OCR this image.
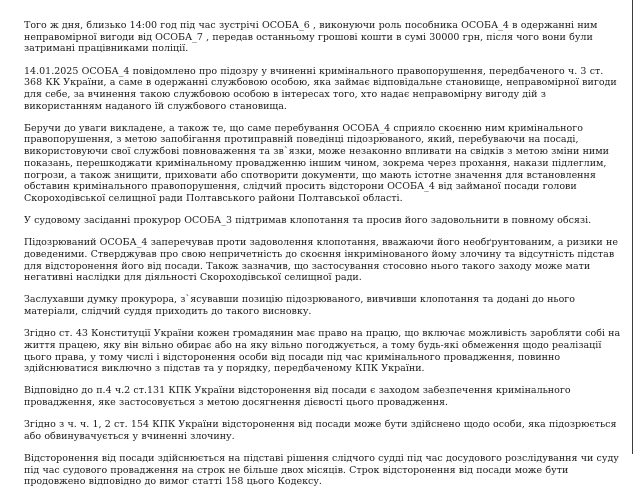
Того ж дня, близько 14:00 год під час зустрічі ОСОБА_6 , виконуючи роль пособника ОСОБА_4 в одержанні ним неправомірної вигоди від ОСОБА_7 , передав останньому грошові кошти в сумі 30000 грн, після чого вони були затримані працівниками поліції.

14.01.2025 ОСОБА_4 повідомлено про підозру у вчиненні кримінального правопорушення, передбаченого ч. 3 ст. 368 КК України, а саме в одержанні службовою особою, яка займає відповідальне становище, неправомірної вигоди для себе, за вчинення такою службовою особою в інтересах того, хто надає неправомірну вигоду дій з використанням наданого їй службового становища.

Беручи до уваги викладене, а також те, що саме перебування ОСОБА_4 сприяло скоєнню ним кримінального правопорушення, з метою запобігання протиправній поведінці підозрюваного, який, перебуваючи на посаді, використовуючи свої службові повноваження та зв`язки, може незаконно впливати на свідків з метою зміни ними показань, перешкоджати кримінальному провадженню іншим чином, зокрема через прохання, накази підлеглим, погрози, а також знищити, приховати або спотворити документи, що мають істотне значення для встановлення обставин кримінального правопорушення, слідчий просить відсторони ОСОБА_4 від займаної посади голови Скороходівської селищної ради Полтавського райони Полтавської області.

У судовому засіданні прокурор ОСОБА_3 підтримав клопотання та просив його задовольнити в повному обсязі.

Підозрюваний ОСОБА_4 заперечував проти задоволення клопотання, вважаючи його необґрунтованим, а ризики не доведеними. Стверджував про свою непричетність до скоєння інкримінованого йому злочину та відсутність підстав для відсторонення його від посади. Також зазначив, що застосування стосовно нього такого заходу може мати негативні наслідки для діяльності Скороходівської селищної ради.

Заслухавши думку прокурора, з`ясувавши позицію підозрюваного, вивчивши клопотання та додані до нього матеріали, слідчий суддя приходить до такого висновку.

Згідно ст. 43 Конституції України кожен громадянин має право на працю, що включає можливість заробляти собі на життя працею, яку він вільно обирає або на яку вільно погоджується, а тому будь-які обмеження щодо реалізації цього права, у тому числі і відсторонення особи від посади під час кримінального провадження, повинно здійснюватися виключно з підстав та у порядку, передбаченому КПК України.

Відповідно до п.4 ч.2 ст.131 КПК України відсторонення від посади є заходом забезпечення кримінального провадження, яке застосовується з метою досягнення дієвості цього провадження.

Згідно з ч. ч. 1, 2 ст. 154 КПК України відсторонення від посади може бути здійснено щодо особи, яка підозрюється або обвинувачується у вчиненні злочину.

Відсторонення від посади здійснюється на підставі рішення слідчого судді під час досудового розслідування чи суду під час судового провадження на строк не більше двох місяців. Строк відсторонення від посади може бути продовжено відповідно до вимог статті 158 цього Кодексу.
